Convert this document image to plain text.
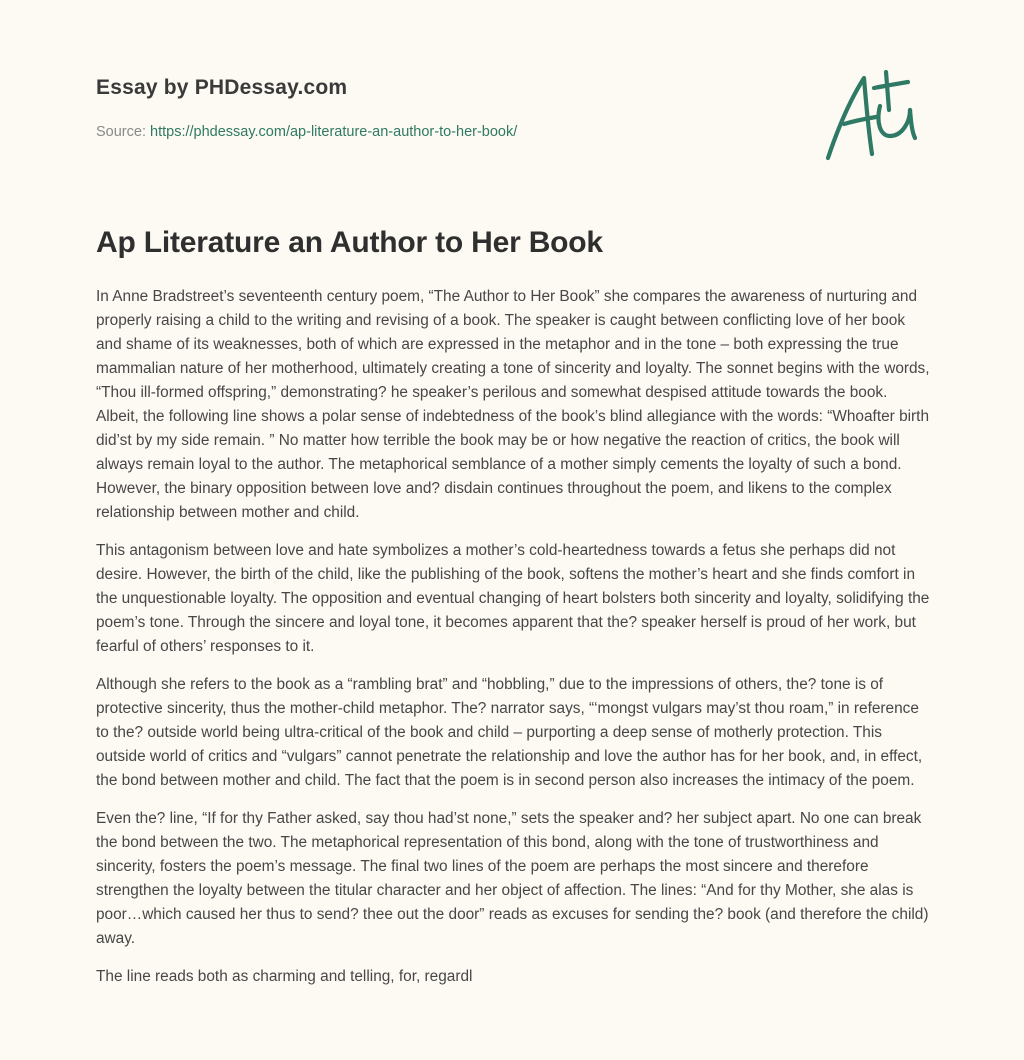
Essay by PHDessay.com
Source: https://phdessay.com/ap-literature-an-author-to-her-book/
Ap Literature an Author to Her Book

In Anne Bradstreet’s seventeenth century poem, “The Author to Her Book” she compares the awareness of nurturing and properly raising a child to the writing and revising of a book. The speaker is caught between conflicting love of her book and shame of its weaknesses, both of which are expressed in the metaphor and in the tone – both expressing the true mammalian nature of her motherhood, ultimately creating a tone of sincerity and loyalty. The sonnet begins with the words, “Thou ill-formed offspring,” demonstrating? he speaker’s perilous and somewhat despised attitude towards the book. Albeit, the following line shows a polar sense of indebtedness of the book’s blind allegiance with the words: “Whoafter birth did’st by my side remain. ” No matter how terrible the book may be or how negative the reaction of critics, the book will always remain loyal to the author. The metaphorical semblance of a mother simply cements the loyalty of such a bond. However, the binary opposition between love and? disdain continues throughout the poem, and likens to the complex relationship between mother and child.

This antagonism between love and hate symbolizes a mother’s cold-heartedness towards a fetus she perhaps did not desire. However, the birth of the child, like the publishing of the book, softens the mother’s heart and she finds comfort in the unquestionable loyalty. The opposition and eventual changing of heart bolsters both sincerity and loyalty, solidifying the poem’s tone. Through the sincere and loyal tone, it becomes apparent that the? speaker herself is proud of her work, but fearful of others’ responses to it.

Although she refers to the book as a “rambling brat” and “hobbling,” due to the impressions of others, the? tone is of protective sincerity, thus the mother-child metaphor. The? narrator says, “‘mongst vulgars may’st thou roam,” in reference to the? outside world being ultra-critical of the book and child – purporting a deep sense of motherly protection. This outside world of critics and “vulgars” cannot penetrate the relationship and love the author has for her book, and, in effect, the bond between mother and child. The fact that the poem is in second person also increases the intimacy of the poem.

Even the? line, “If for thy Father asked, say thou had’st none,” sets the speaker and? her subject apart. No one can break the bond between the two. The metaphorical representation of this bond, along with the tone of trustworthiness and sincerity, fosters the poem’s message. The final two lines of the poem are perhaps the most sincere and therefore strengthen the loyalty between the titular character and her object of affection. The lines: “And for thy Mother, she alas is poor…which caused her thus to send? thee out the door” reads as excuses for sending the? book (and therefore the child) away.

The line reads both as charming and telling, for, regardl
